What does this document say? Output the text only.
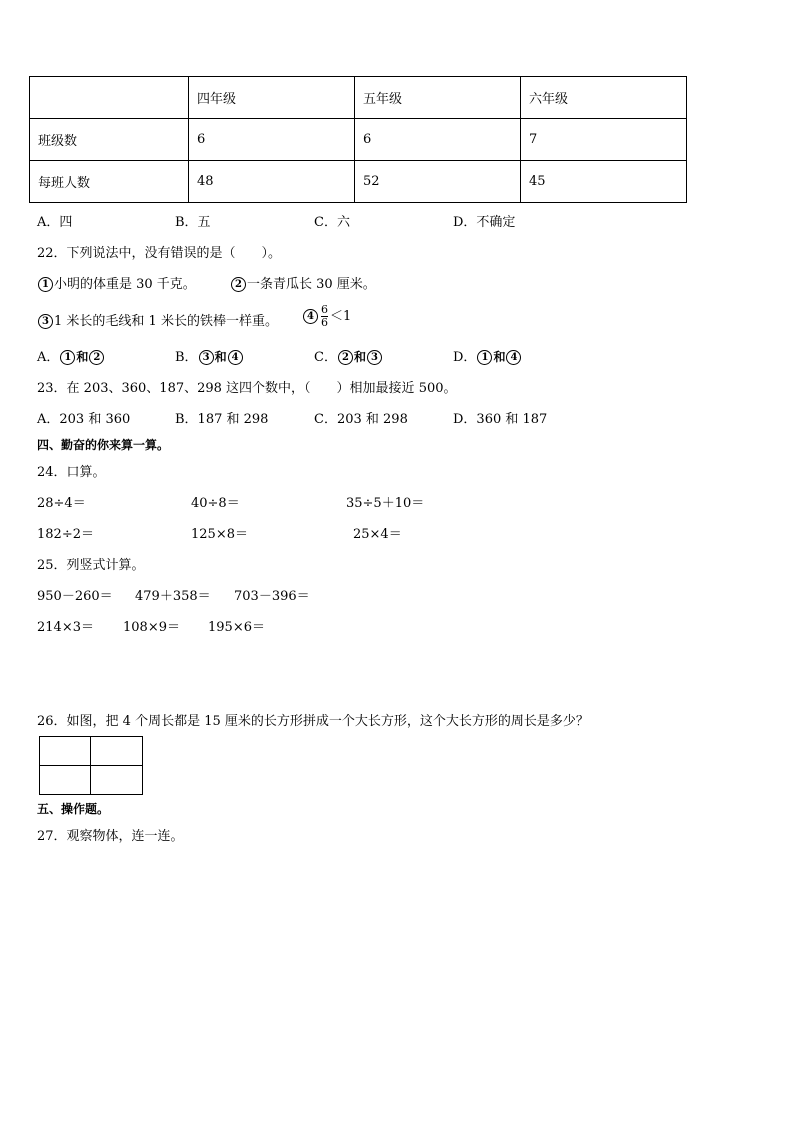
	四年级	五年级	六年级
班级数	6	6	7
每班人数	48	52	45
A．四	B．五	C．六	D．不确定
22．下列说法中，没有错误的是（　　）。
1 小明的体重是 30 千克。	2 一条青瓜长 30 厘米。
3 1 米长的毛线和 1 米长的铁棒一样重。	$4 \frac{6}{6} <1$
A． 1 和 2	B． 3 和 4	C． 2 和 3	D． 1 和 4
23．在 203、360、187、298 这四个数中，（　　）相加最接近 500。
A．203 和 360	B．187 和 298	C．203 和 298	D．360 和 187
四、勤奋的你来算一算。
24．口算。
28÷4＝	40÷8＝	35÷5＋10＝
182÷2＝	125×8＝	25×4＝
25．列竖式计算。
950－260＝ 479＋358＝ 703－396＝
214×3＝ 108×9＝ 195×6＝
26．如图，把 4 个周长都是 15 厘米的长方形拼成一个大长方形，这个大长方形的周长是多少？
五、操作题。
27．观察物体，连一连。
